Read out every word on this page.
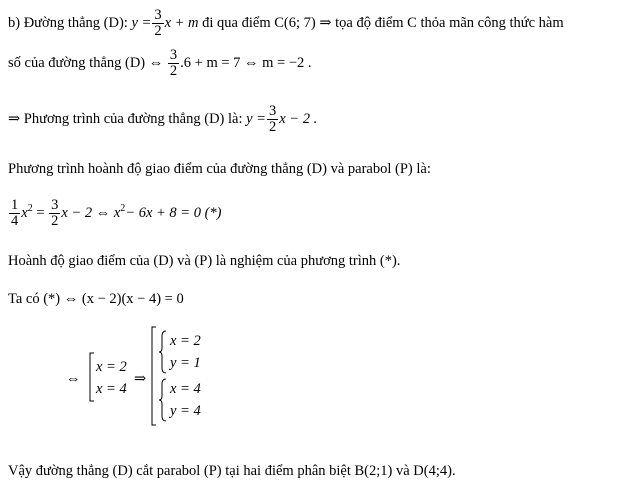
b) Đường thẳng (D): $y = \frac{3}{2}$ x + m đi qua điểm C(6; 7) ⇒ tọa độ điểm C thỏa mãn công thức hàm
số của đường thẳng (D) ⇔ $\frac{3}{2} .6 + m = 7$ ⇔ m = −2 .
⇒ Phương trình của đường thẳng (D) là: $y = \frac{3}{2}$ x − 2 .
Phương trình hoành độ giao điểm của đường thẳng (D) và parabol (P) là:
$\frac{1}{4} x^2 = \frac{3}{2}$ x − 2 ⇔ $x^2- 6x + 8 = 0$ (*)
Hoành độ giao điểm của (D) và (P) là nghiệm của phương trình (*).
Ta có (*) ⇔ (x − 2)(x − 4) = 0
⇔
x = 2
x = 4
⇒
x = 2
y = 1
x = 4
y = 4
Vậy đường thẳng (D) cắt parabol (P) tại hai điểm phân biệt B(2;1) và D(4;4).
